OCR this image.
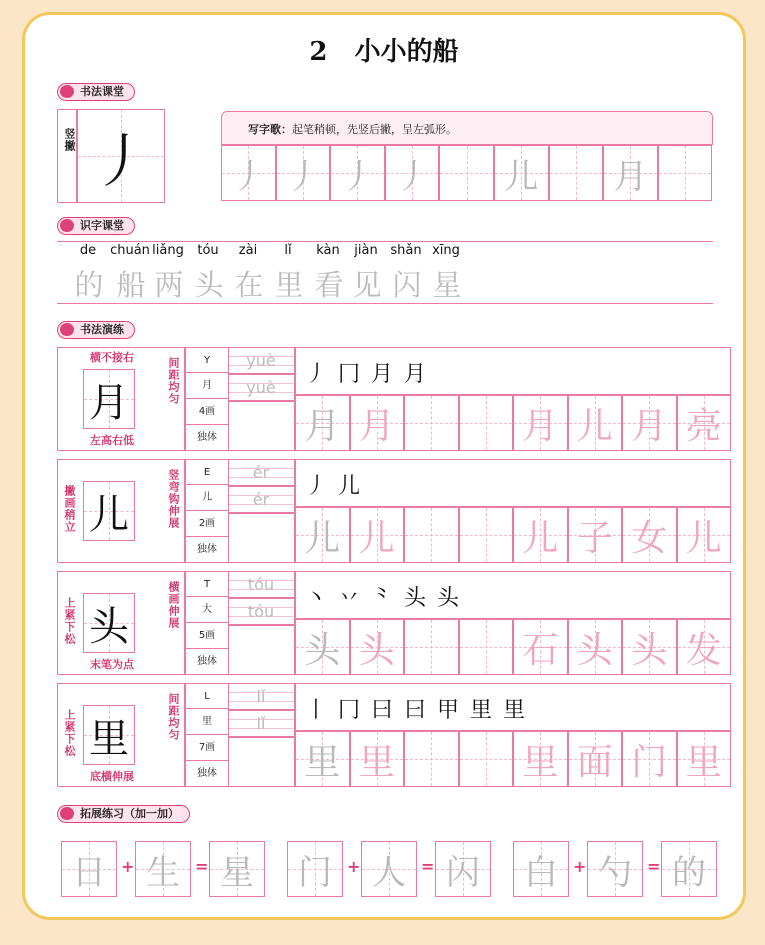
2 小小的船
书法课堂
竖撇 丿	写字歌：起笔稍顿，先竖后撇，呈左弧形。
丿 丿 丿 丿 儿 月
识字课堂
de	chuán liǎng	tóu	zài	lǐ	kàn	jiàn shǎn xīng
的 船 两 头 在 里 看 见 闪 星
书法演练
横不接右	间距均匀
左高右低
月
Y
月
4画
独体
yuè
yuè
丿 冂 月 月
月 月	月 儿 月 亮
撇画稍立	竖弯钩伸展
儿
E
儿
2画
独体
ér
ér
丿 儿
儿 儿	儿 子 女 儿
上紧下松	横画伸展
末笔为点
头
T
大
5画
独体
tóu
tóu
丶 丷 ⺀ 头 头
头 头	石 头 头 发
上紧下松	间距均匀
底横伸展
里
L
里
7画
独体
lǐ
lǐ
丨 冂 曰 曰 甲 里 里
里 里	里 面 门 里
拓展练习（加一加）
日 + 生 = 星 门 + 人 = 闪 白 + 勺 = 的
